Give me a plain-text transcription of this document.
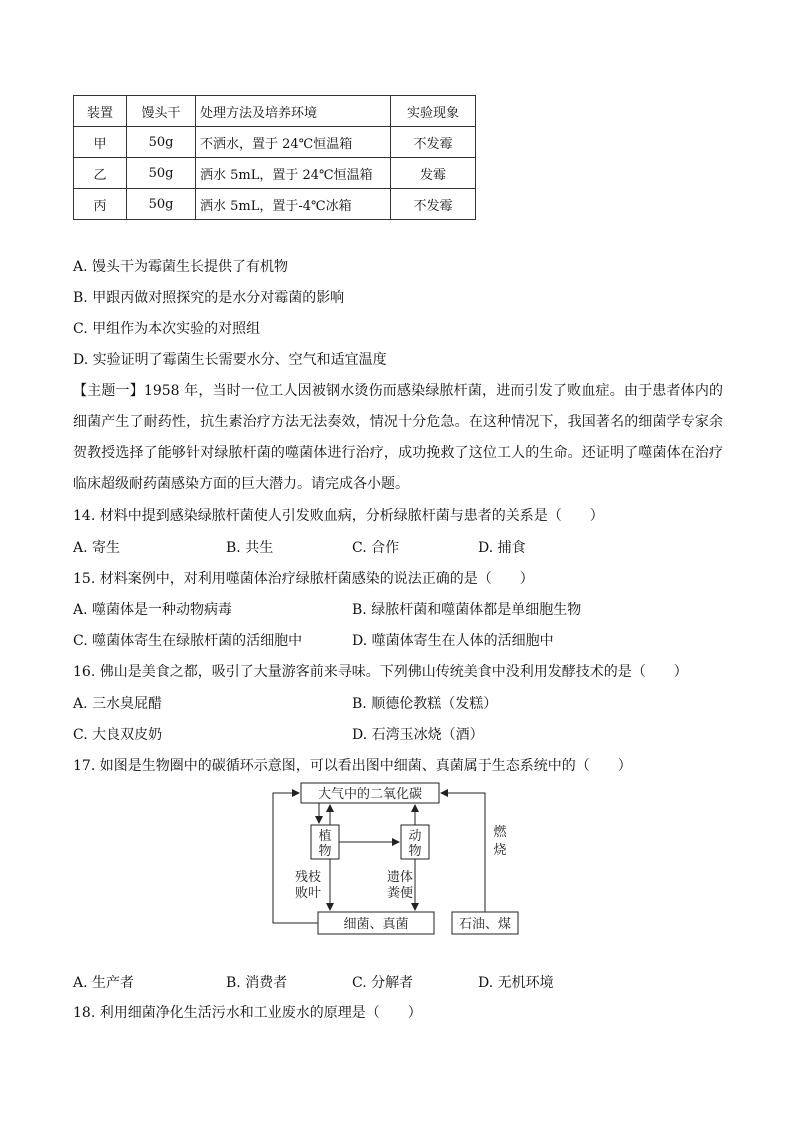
装置	馒头干	处理方法及培养环境	实验现象
甲	50g	不洒水，置于 24℃恒温箱	不发霉
乙	50g	洒水 5mL，置于 24℃恒温箱	发霉
丙	50g	洒水 5mL，置于-4℃冰箱	不发霉
A. 馒头干为霉菌生长提供了有机物
B. 甲跟丙做对照探究的是水分对霉菌的影响
C. 甲组作为本次实验的对照组
D. 实验证明了霉菌生长需要水分、空气和适宜温度
【主题一】1958 年，当时一位工人因被钢水烫伤而感染绿脓杆菌，进而引发了败血症。由于患者体内的细菌产生了耐药性，抗生素治疗方法无法奏效，情况十分危急。在这种情况下，我国著名的细菌学专家余贺教授选择了能够针对绿脓杆菌的噬菌体进行治疗，成功挽救了这位工人的生命。还证明了噬菌体在治疗临床超级耐药菌感染方面的巨大潜力。请完成各小题。
14. 材料中提到感染绿脓杆菌使人引发败血病，分析绿脓杆菌与患者的关系是（　　）
A. 寄生	B. 共生	C. 合作	D. 捕食
15. 材料案例中，对利用噬菌体治疗绿脓杆菌感染的说法正确的是（　　）
A. 噬菌体是一种动物病毒	B. 绿脓杆菌和噬菌体都是单细胞生物
C. 噬菌体寄生在绿脓杆菌的活细胞中	D. 噬菌体寄生在人体的活细胞中
16. 佛山是美食之都，吸引了大量游客前来寻味。下列佛山传统美食中没利用发酵技术的是（　　）
A. 三水臭屁醋	B. 顺德伦教糕（发糕）
C. 大良双皮奶	D. 石湾玉冰烧（酒）
17. 如图是生物圈中的碳循环示意图，可以看出图中细菌、真菌属于生态系统中的（　　）
大气中的二氧化碳
植
物
动
物
燃
烧
残枝
败叶
遗体
粪便
细菌、真菌	石油、煤
A. 生产者	B. 消费者	C. 分解者	D. 无机环境
18. 利用细菌净化生活污水和工业废水的原理是（　　）
